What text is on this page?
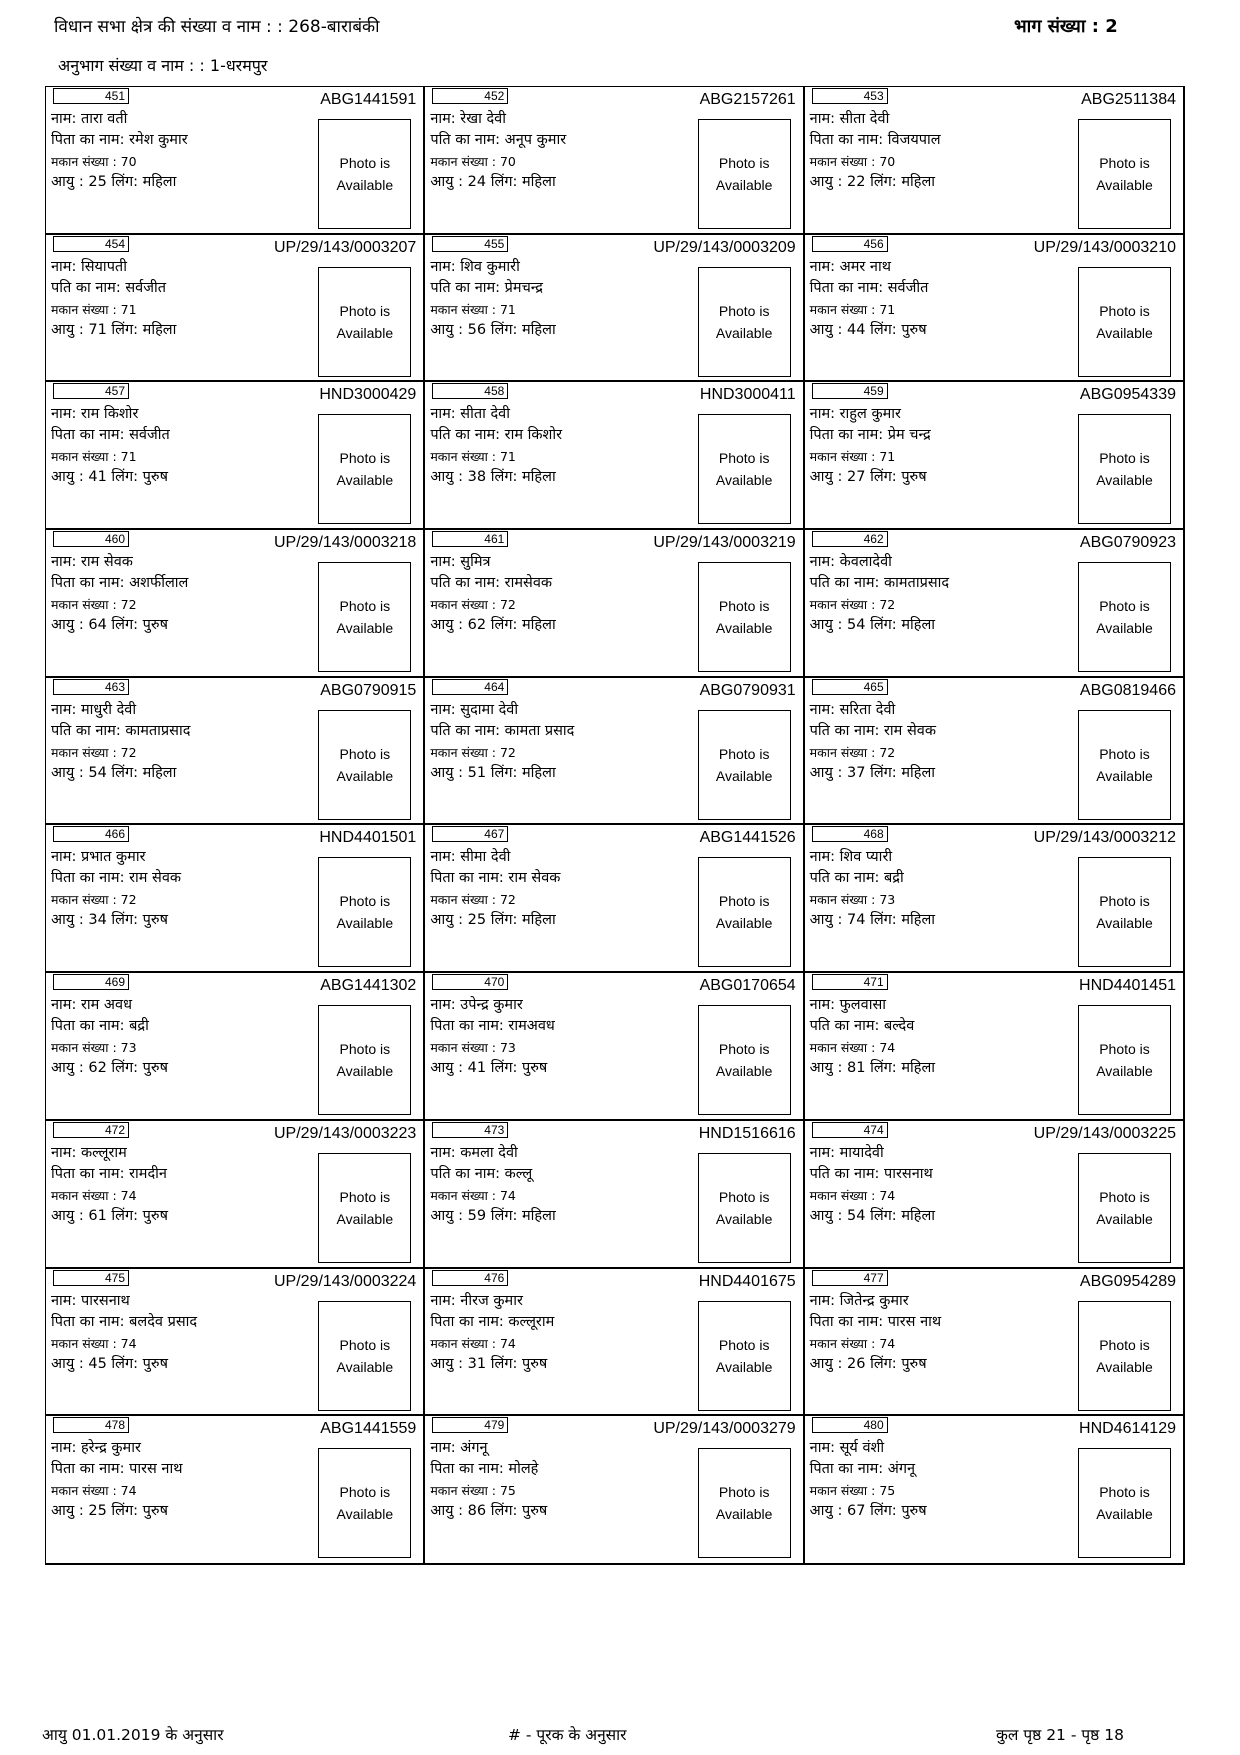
विधान सभा क्षेत्र की संख्या व नाम : : 268-बाराबंकी	भाग संख्या : 2
अनुभाग संख्या व नाम : : 1-धरमपुर
451	ABG1441591
नाम: तारा वती
पिता का नाम: रमेश कुमार
मकान संख्या : 70
आयु : 25 लिंग: महिला
Photo is
Available
452	ABG2157261
नाम: रेखा देवी
पति का नाम: अनूप कुमार
मकान संख्या : 70
आयु : 24 लिंग: महिला
Photo is
Available
453	ABG2511384
नाम: सीता देवी
पिता का नाम: विजयपाल
मकान संख्या : 70
आयु : 22 लिंग: महिला
Photo is
Available
454	UP/29/143/0003207
नाम: सियापती
पति का नाम: सर्वजीत
मकान संख्या : 71
आयु : 71 लिंग: महिला
Photo is
Available
455	UP/29/143/0003209
नाम: शिव कुमारी
पति का नाम: प्रेमचन्द्र
मकान संख्या : 71
आयु : 56 लिंग: महिला
Photo is
Available
456	UP/29/143/0003210
नाम: अमर नाथ
पिता का नाम: सर्वजीत
मकान संख्या : 71
आयु : 44 लिंग: पुरुष
Photo is
Available
457	HND3000429
नाम: राम किशोर
पिता का नाम: सर्वजीत
मकान संख्या : 71
आयु : 41 लिंग: पुरुष
Photo is
Available
458	HND3000411
नाम: सीता देवी
पति का नाम: राम किशोर
मकान संख्या : 71
आयु : 38 लिंग: महिला
Photo is
Available
459	ABG0954339
नाम: राहुल कुमार
पिता का नाम: प्रेम चन्द्र
मकान संख्या : 71
आयु : 27 लिंग: पुरुष
Photo is
Available
460	UP/29/143/0003218
नाम: राम सेवक
पिता का नाम: अशर्फीलाल
मकान संख्या : 72
आयु : 64 लिंग: पुरुष
Photo is
Available
461	UP/29/143/0003219
नाम: सुमित्र
पति का नाम: रामसेवक
मकान संख्या : 72
आयु : 62 लिंग: महिला
Photo is
Available
462	ABG0790923
नाम: केवलादेवी
पति का नाम: कामताप्रसाद
मकान संख्या : 72
आयु : 54 लिंग: महिला
Photo is
Available
463	ABG0790915
नाम: माधुरी देवी
पति का नाम: कामताप्रसाद
मकान संख्या : 72
आयु : 54 लिंग: महिला
Photo is
Available
464	ABG0790931
नाम: सुदामा देवी
पति का नाम: कामता प्रसाद
मकान संख्या : 72
आयु : 51 लिंग: महिला
Photo is
Available
465	ABG0819466
नाम: सरिता देवी
पति का नाम: राम सेवक
मकान संख्या : 72
आयु : 37 लिंग: महिला
Photo is
Available
466	HND4401501
नाम: प्रभात कुमार
पिता का नाम: राम सेवक
मकान संख्या : 72
आयु : 34 लिंग: पुरुष
Photo is
Available
467	ABG1441526
नाम: सीमा देवी
पिता का नाम: राम सेवक
मकान संख्या : 72
आयु : 25 लिंग: महिला
Photo is
Available
468	UP/29/143/0003212
नाम: शिव प्यारी
पति का नाम: बद्री
मकान संख्या : 73
आयु : 74 लिंग: महिला
Photo is
Available
469	ABG1441302
नाम: राम अवध
पिता का नाम: बद्री
मकान संख्या : 73
आयु : 62 लिंग: पुरुष
Photo is
Available
470	ABG0170654
नाम: उपेन्द्र कुमार
पिता का नाम: रामअवध
मकान संख्या : 73
आयु : 41 लिंग: पुरुष
Photo is
Available
471	HND4401451
नाम: फुलवासा
पति का नाम: बल्देव
मकान संख्या : 74
आयु : 81 लिंग: महिला
Photo is
Available
472	UP/29/143/0003223
नाम: कल्लूराम
पिता का नाम: रामदीन
मकान संख्या : 74
आयु : 61 लिंग: पुरुष
Photo is
Available
473	HND1516616
नाम: कमला देवी
पति का नाम: कल्लू
मकान संख्या : 74
आयु : 59 लिंग: महिला
Photo is
Available
474	UP/29/143/0003225
नाम: मायादेवी
पति का नाम: पारसनाथ
मकान संख्या : 74
आयु : 54 लिंग: महिला
Photo is
Available
475	UP/29/143/0003224
नाम: पारसनाथ
पिता का नाम: बलदेव प्रसाद
मकान संख्या : 74
आयु : 45 लिंग: पुरुष
Photo is
Available
476	HND4401675
नाम: नीरज कुमार
पिता का नाम: कल्लूराम
मकान संख्या : 74
आयु : 31 लिंग: पुरुष
Photo is
Available
477	ABG0954289
नाम: जितेन्द्र कुमार
पिता का नाम: पारस नाथ
मकान संख्या : 74
आयु : 26 लिंग: पुरुष
Photo is
Available
478	ABG1441559
नाम: हरेन्द्र कुमार
पिता का नाम: पारस नाथ
मकान संख्या : 74
आयु : 25 लिंग: पुरुष
Photo is
Available
479	UP/29/143/0003279
नाम: अंगनू
पिता का नाम: मोलहे
मकान संख्या : 75
आयु : 86 लिंग: पुरुष
Photo is
Available
480	HND4614129
नाम: सूर्य वंशी
पिता का नाम: अंगनू
मकान संख्या : 75
आयु : 67 लिंग: पुरुष
Photo is
Available
आयु 01.01.2019 के अनुसार	# - पूरक के अनुसार	कुल पृष्ठ 21 - पृष्ठ 18
